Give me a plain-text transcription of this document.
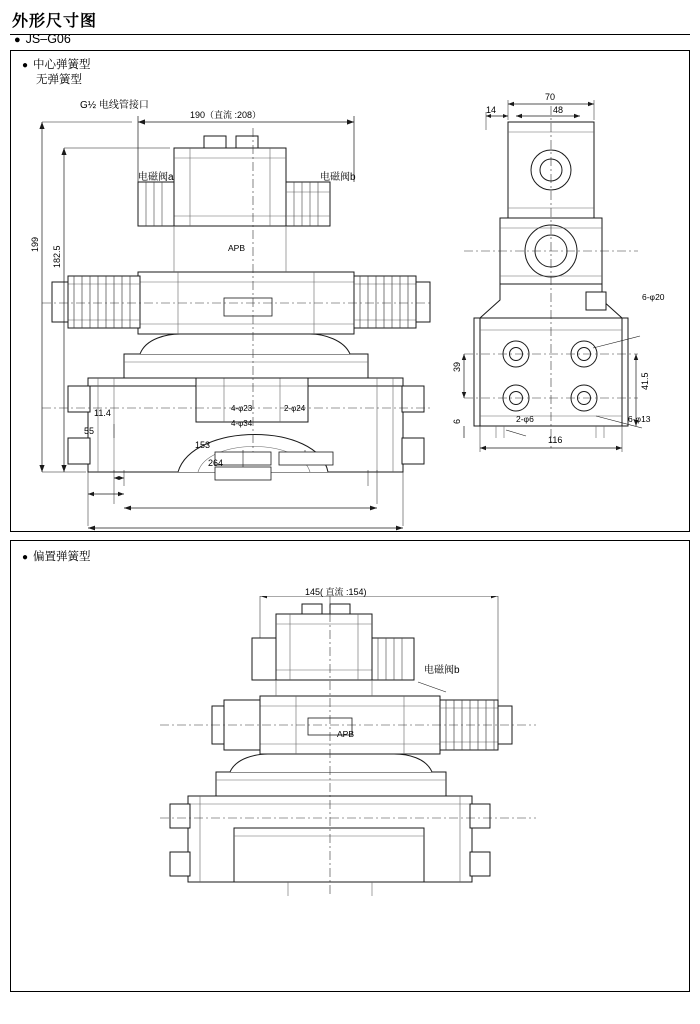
外形尺寸图
● JS–G06
● 中心弹簧型
无弹簧型
190（直流 :208）
G½ 电线管接口
电磁阀a	电磁阀b
APB
199
182.5
11.4
55
153
264
4-φ23	2-φ24
4-φ34
70
48
14
39
41.5
6
116
6-φ20
2-φ6	6-φ13
● 偏置弹簧型
145( 直流 :154)
电磁阀b
APB
